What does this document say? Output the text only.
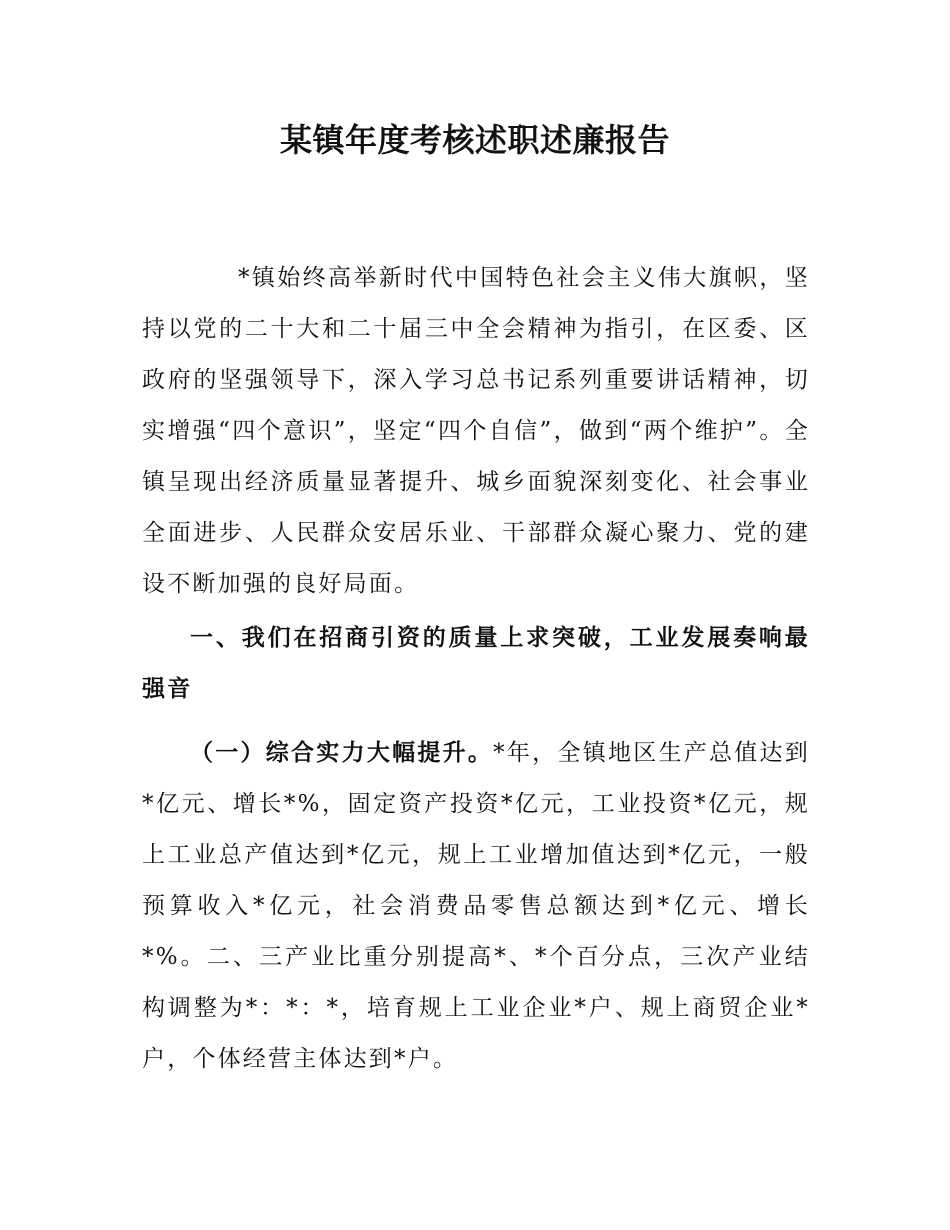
某镇年度考核述职述廉报告

*镇始终高举新时代中国特色社会主义伟大旗帜，坚持以党的二十大和二十届三中全会精神为指引，在区委、区政府的坚强领导下，深入学习总书记系列重要讲话精神，切实增强“四个意识”，坚定“四个自信”，做到“两个维护”。全镇呈现出经济质量显著提升、城乡面貌深刻变化、社会事业全面进步、人民群众安居乐业、干部群众凝心聚力、党的建设不断加强的良好局面。

一、我们在招商引资的质量上求突破，工业发展奏响最强音

（一）综合实力大幅提升。*年，全镇地区生产总值达到*亿元、增长*%，固定资产投资*亿元，工业投资*亿元，规上工业总产值达到*亿元，规上工业增加值达到*亿元，一般预算收入*亿元，社会消费品零售总额达到*亿元、增长*%。二、三产业比重分别提高*、*个百分点，三次产业结构调整为*：*：*，培育规上工业企业*户、规上商贸企业*户，个体经营主体达到*户。
